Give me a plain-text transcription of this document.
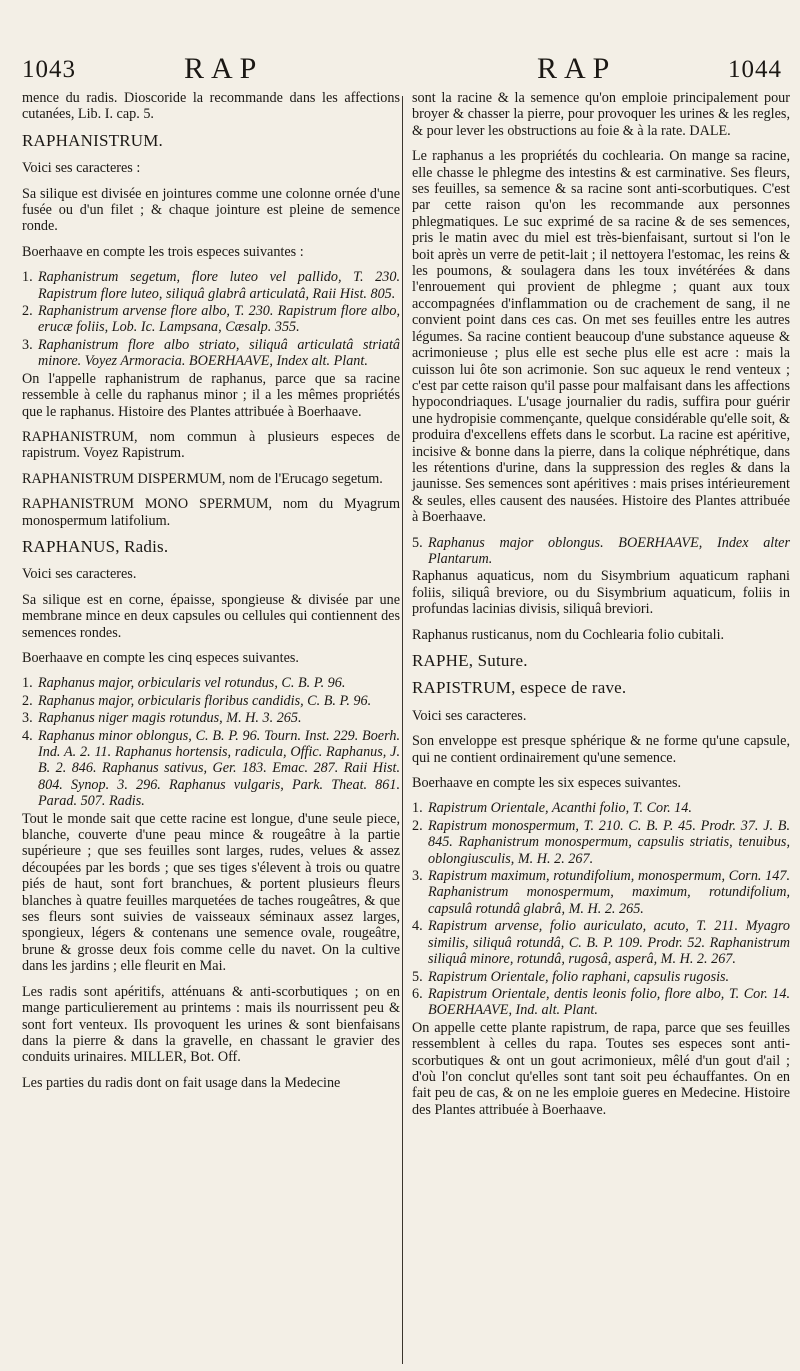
1043	RAP	RAP	1044

mence du radis. Dioscoride la recommande dans les affections cutanées, Lib. I. cap. 5.

RAPHANISTRUM.

Voici ses caracteres :

Sa silique est divisée en jointures comme une colonne ornée d'une fusée ou d'un filet ; & chaque jointure est pleine de semence ronde.

Boerhaave en compte les trois especes suivantes :

1. Raphanistrum segetum, flore luteo vel pallido, T. 230. Rapistrum flore luteo, siliquâ glabrâ articulatâ, Raii Hist. 805.
2. Raphanistrum arvense flore albo, T. 230. Rapistrum flore albo, erucæ foliis, Lob. Ic. Lampsana, Cæsalp. 355.
3. Raphanistrum flore albo striato, siliquâ articulatâ striatâ minore. Voyez Armoracia. BOERHAAVE, Index alt. Plant.

On l'appelle raphanistrum de raphanus, parce que sa racine ressemble à celle du raphanus minor ; il a les mêmes propriétés que le raphanus. Histoire des Plantes attribuée à Boerhaave.

RAPHANISTRUM, nom commun à plusieurs especes de rapistrum. Voyez Rapistrum.

RAPHANISTRUM DISPERMUM, nom de l'Erucago segetum.

RAPHANISTRUM MONO SPERMUM, nom du Myagrum monospermum latifolium.

RAPHANUS, Radis.

Voici ses caracteres.

Sa silique est en corne, épaisse, spongieuse & divisée par une membrane mince en deux capsules ou cellules qui contiennent des semences rondes.

Boerhaave en compte les cinq especes suivantes.

1. Raphanus major, orbicularis vel rotundus, C. B. P. 96.
2. Raphanus major, orbicularis floribus candidis, C. B. P. 96.
3. Raphanus niger magis rotundus, M. H. 3. 265.
4. Raphanus minor oblongus, C. B. P. 96. Tourn. Inst. 229. Boerh. Ind. A. 2. 11. Raphanus hortensis, radicula, Offic. Raphanus, J. B. 2. 846. Raphanus sativus, Ger. 183. Emac. 287. Raii Hist. 804. Synop. 3. 296. Raphanus vulgaris, Park. Theat. 861. Parad. 507. Radis.

Tout le monde sait que cette racine est longue, d'une seule piece, blanche, couverte d'une peau mince & rougeâtre à la partie supérieure ; que ses feuilles sont larges, rudes, velues & assez découpées par les bords ; que ses tiges s'élevent à trois ou quatre piés de haut, sont fort branchues, & portent plusieurs fleurs blanches à quatre feuilles marquetées de taches rougeâtres, & que ses fleurs sont suivies de vaisseaux séminaux assez larges, spongieux, légers & contenans une semence ovale, rougeâtre, brune & grosse deux fois comme celle du navet. On la cultive dans les jardins ; elle fleurit en Mai.

Les radis sont apéritifs, atténuans & anti-scorbutiques ; on en mange particulierement au printems : mais ils nourrissent peu & sont fort venteux. Ils provoquent les urines & sont bienfaisans dans la pierre & dans la gravelle, en chassant le gravier des conduits urinaires. MILLER, Bot. Off.

Les parties du radis dont on fait usage dans la Medecine

sont la racine & la semence qu'on emploie principalement pour broyer & chasser la pierre, pour provoquer les urines & les regles, & pour lever les obstructions au foie & à la rate. DALE.

Le raphanus a les propriétés du cochlearia. On mange sa racine, elle chasse le phlegme des intestins & est carminative. Ses fleurs, ses feuilles, sa semence & sa racine sont anti-scorbutiques. C'est par cette raison qu'on les recommande aux personnes phlegmatiques. Le suc exprimé de sa racine & de ses semences, pris le matin avec du miel est très-bienfaisant, surtout si l'on le boit après un verre de petit-lait ; il nettoyera l'estomac, les reins & les poumons, & soulagera dans les toux invétérées & dans l'enrouement qui provient de phlegme ; quant aux toux accompagnées d'inflammation ou de crachement de sang, il ne convient point dans ces cas. On met ses feuilles entre les autres légumes. Sa racine contient beaucoup d'une substance aqueuse & acrimonieuse ; plus elle est seche plus elle est acre : mais la cuisson lui ôte son acrimonie. Son suc aqueux le rend venteux ; c'est par cette raison qu'il passe pour malfaisant dans les affections hypocondriaques. L'usage journalier du radis, suffira pour guérir une hydropisie commençante, quelque considérable qu'elle soit, & produira d'excellens effets dans le scorbut. La racine est apéritive, incisive & bonne dans la pierre, dans la colique néphrétique, dans les rétentions d'urine, dans la suppression des regles & dans la jaunisse. Ses semences sont apéritives : mais prises intérieurement & seules, elles causent des nausées. Histoire des Plantes attribuée à Boerhaave.

5. Raphanus major oblongus. BOERHAAVE, Index alter Plantarum.

Raphanus aquaticus, nom du Sisymbrium aquaticum raphani foliis, siliquâ breviore, ou du Sisymbrium aquaticum, foliis in profundas lacinias divisis, siliquâ breviori.

Raphanus rusticanus, nom du Cochlearia folio cubitali.

RAPHE, Suture.
RAPISTRUM, espece de rave.

Voici ses caracteres.

Son enveloppe est presque sphérique & ne forme qu'une capsule, qui ne contient ordinairement qu'une semence.

Boerhaave en compte les six especes suivantes.

1. Rapistrum Orientale, Acanthi folio, T. Cor. 14.
2. Rapistrum monospermum, T. 210. C. B. P. 45. Prodr. 37. J. B. 845. Raphanistrum monospermum, capsulis striatis, tenuibus, oblongiusculis, M. H. 2. 267.
3. Rapistrum maximum, rotundifolium, monospermum, Corn. 147. Raphanistrum monospermum, maximum, rotundifolium, capsulâ rotundâ glabrâ, M. H. 2. 265.
4. Rapistrum arvense, folio auriculato, acuto, T. 211. Myagro similis, siliquâ rotundâ, C. B. P. 109. Prodr. 52. Raphanistrum siliquâ minore, rotundâ, rugosâ, asperâ, M. H. 2. 267.
5. Rapistrum Orientale, folio raphani, capsulis rugosis.
6. Rapistrum Orientale, dentis leonis folio, flore albo, T. Cor. 14. BOERHAAVE, Ind. alt. Plant.

On appelle cette plante rapistrum, de rapa, parce que ses feuilles ressemblent à celles du rapa. Toutes ses especes sont anti-scorbutiques & ont un gout acrimonieux, mêlé d'un gout d'ail ; d'où l'on conclut qu'elles sont tant soit peu échauffantes. On en fait peu de cas, & on ne les emploie gueres en Medecine. Histoire des Plantes attribuée à Boerhaave.
